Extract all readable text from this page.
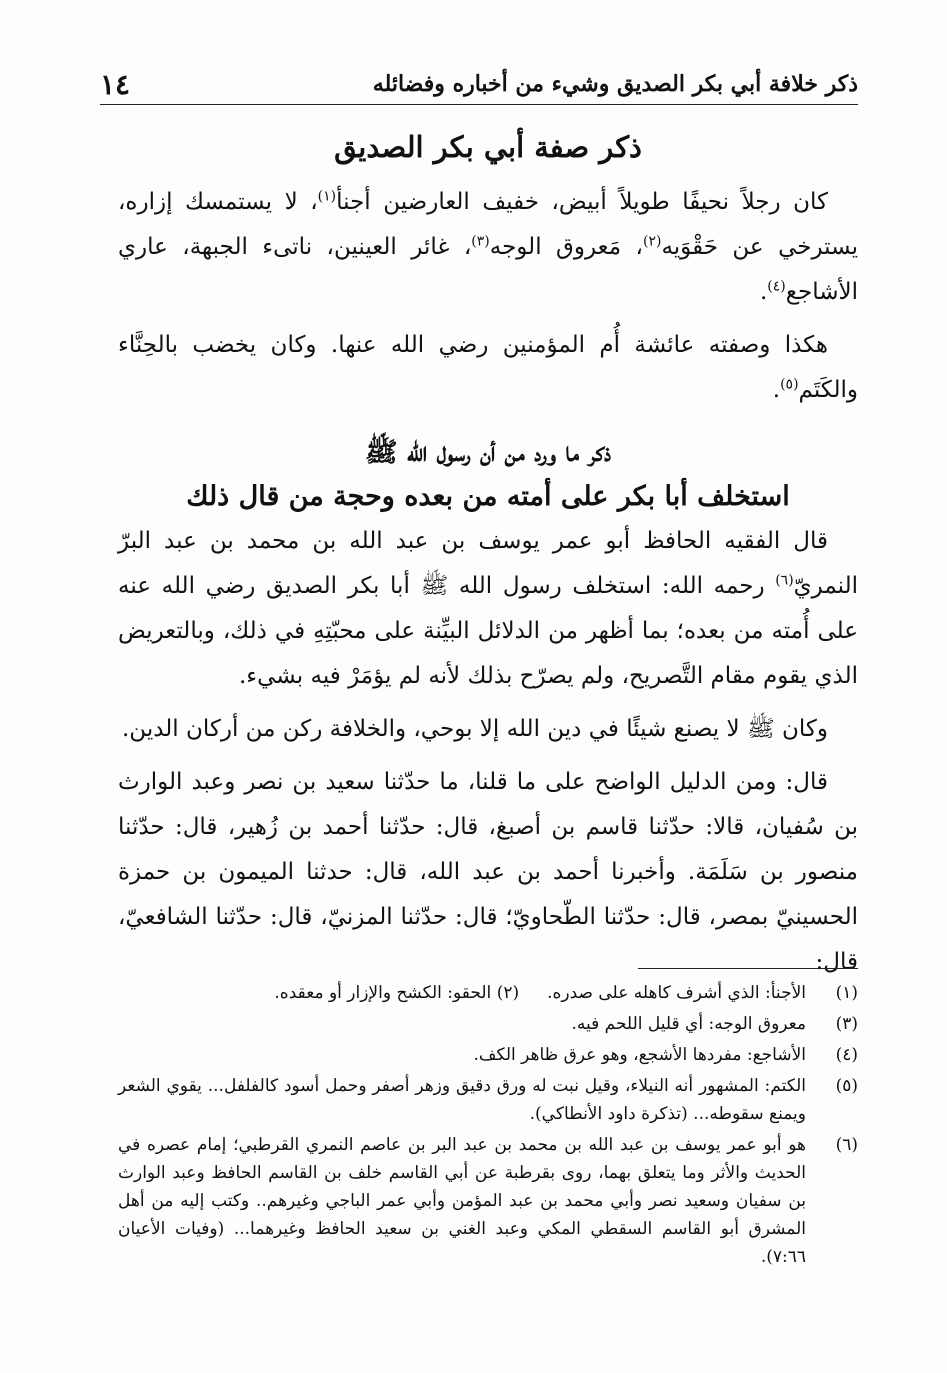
١٤	ذكر خلافة أبي بكر الصديق وشيء من أخباره وفضائله
ذكر صفة أبي بكر الصديق

كان رجلاً نحيفًا طويلاً أبيض، خفيف العارضين أجنأ$^{(١)}$، لا يستمسك إزاره، يسترخي عن حَقْوَيه$^{(٢)}$، مَعروق الوجه$^{(٣)}$، غائر العينين، ناتىء الجبهة، عاري الأشاجع$^{(٤)}$.

هكذا وصفته عائشة أُم المؤمنين رضي الله عنها. وكان يخضب بالحِنَّاء والكَتَم$^{(٥)}$.

ذكر ما ورد من أن رسول الله ﷺ
استخلف أبا بكر على أمته من بعده وحجة من قال ذلك

قال الفقيه الحافظ أبو عمر يوسف بن عبد الله بن محمد بن عبد البرّ النمريّ$^{(٦)}$ رحمه الله: استخلف رسول الله ﷺ أبا بكر الصديق رضي الله عنه على أُمته من بعده؛ بما أظهر من الدلائل البيِّنة على محبّتِهِ في ذلك، وبالتعريض الذي يقوم مقام التَّصريح، ولم يصرّح بذلك لأنه لم يؤمَرْ فيه بشيء.

وكان ﷺ لا يصنع شيئًا في دين الله إلا بوحي، والخلافة ركن من أركان الدين.

قال: ومن الدليل الواضح على ما قلنا، ما حدّثنا سعيد بن نصر وعبد الوارث بن سُفيان، قالا: حدّثنا قاسم بن أصبغ، قال: حدّثنا أحمد بن زُهير، قال: حدّثنا منصور بن سَلَمَة. وأخبرنا أحمد بن عبد الله، قال: حدثنا الميمون بن حمزة الحسينيّ بمصر، قال: حدّثنا الطّحاويّ؛ قال: حدّثنا المزنيّ، قال: حدّثنا الشافعيّ، قال:

(١)
الأجنأ: الذي أشرف كاهله على صدره.(٢) الحقو: الكشح والإزار أو معقده.
(٣)
معروق الوجه: أي قليل اللحم فيه.
(٤)
الأشاجع: مفردها الأشجع، وهو عرق ظاهر الكف.
(٥)
الكتم: المشهور أنه النيلاء، وقيل نبت له ورق دقيق وزهر أصفر وحمل أسود كالفلفل... يقوي الشعر ويمنع سقوطه... (تذكرة داود الأنطاكي).
(٦)
هو أبو عمر يوسف بن عبد الله بن محمد بن عبد البر بن عاصم النمري القرطبي؛ إمام عصره في الحديث والأثر وما يتعلق بهما، روى بقرطبة عن أبي القاسم خلف بن القاسم الحافظ وعبد الوارث بن سفيان وسعيد نصر وأبي محمد بن عبد المؤمن وأبي عمر الباجي وغيرهم.. وكتب إليه من أهل المشرق أبو القاسم السقطي المكي وعبد الغني بن سعيد الحافظ وغيرهما... (وفيات الأعيان ٧:٦٦).
